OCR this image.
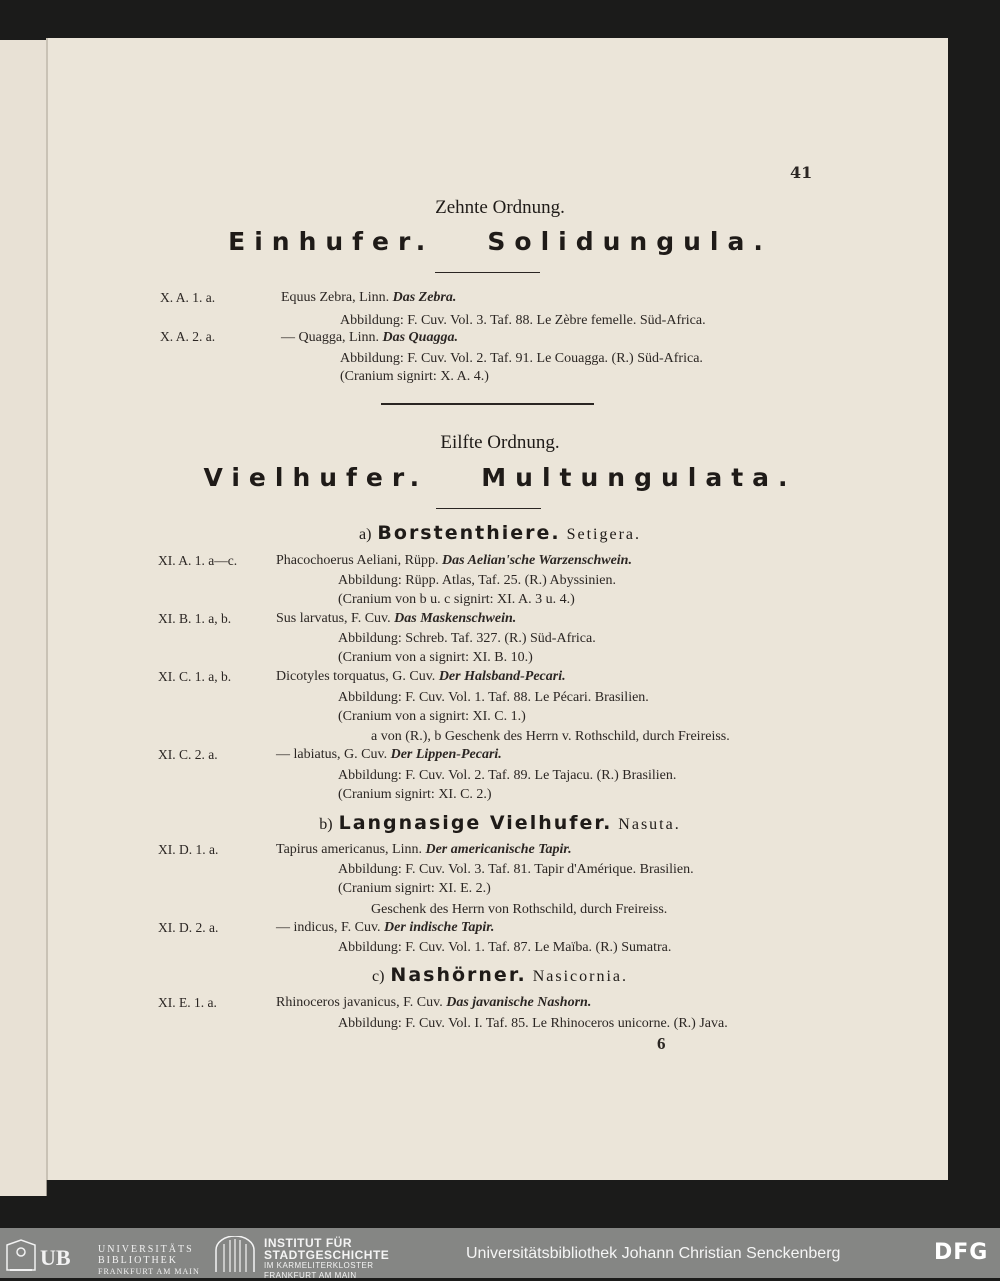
41
Zehnte Ordnung.
Einhufer. Solidungula.
X. A. 1. a.	Equus Zebra, Linn. Das Zebra.
Abbildung: F. Cuv. Vol. 3. Taf. 88. Le Zèbre femelle. Süd-Africa.
X. A. 2. a.	— Quagga, Linn. Das Quagga.
Abbildung: F. Cuv. Vol. 2. Taf. 91. Le Couagga. (R.) Süd-Africa.
(Cranium signirt: X. A. 4.)
Eilfte Ordnung.
Vielhufer. Multungulata.
a) Borstenthiere. Setigera.
XI. A. 1. a—c.	Phacochoerus Aeliani, Rüpp. Das Aelian'sche Warzenschwein.
Abbildung: Rüpp. Atlas, Taf. 25. (R.) Abyssinien.
(Cranium von b u. c signirt: XI. A. 3 u. 4.)
XI. B. 1. a, b.	Sus larvatus, F. Cuv. Das Maskenschwein.
Abbildung: Schreb. Taf. 327. (R.) Süd-Africa.
(Cranium von a signirt: XI. B. 10.)
XI. C. 1. a, b.	Dicotyles torquatus, G. Cuv. Der Halsband-Pecari.
Abbildung: F. Cuv. Vol. 1. Taf. 88. Le Pécari. Brasilien.
(Cranium von a signirt: XI. C. 1.)
a von (R.), b Geschenk des Herrn v. Rothschild, durch Freireiss.
XI. C. 2. a.	— labiatus, G. Cuv. Der Lippen-Pecari.
Abbildung: F. Cuv. Vol. 2. Taf. 89. Le Tajacu. (R.) Brasilien.
(Cranium signirt: XI. C. 2.)
b) Langnasige Vielhufer. Nasuta.
XI. D. 1. a.	Tapirus americanus, Linn. Der americanische Tapir.
Abbildung: F. Cuv. Vol. 3. Taf. 81. Tapir d'Amérique. Brasilien.
(Cranium signirt: XI. E. 2.)
Geschenk des Herrn von Rothschild, durch Freireiss.
XI. D. 2. a.	— indicus, F. Cuv. Der indische Tapir.
Abbildung: F. Cuv. Vol. 1. Taf. 87. Le Maïba. (R.) Sumatra.
c) Nashörner. Nasicornia.
XI. E. 1. a.	Rhinoceros javanicus, F. Cuv. Das javanische Nashorn.
Abbildung: F. Cuv. Vol. I. Taf. 85. Le Rhinoceros unicorne. (R.) Java.
6
UB	UNIVERSITÄTS
BIBLIOTHEK
FRANKFURT AM MAIN
INSTITUT FÜR
STADTGESCHICHTE
IM KARMELITERKLOSTER
FRANKFURT AM MAIN
Universitätsbibliothek Johann Christian Senckenberg	DFG
